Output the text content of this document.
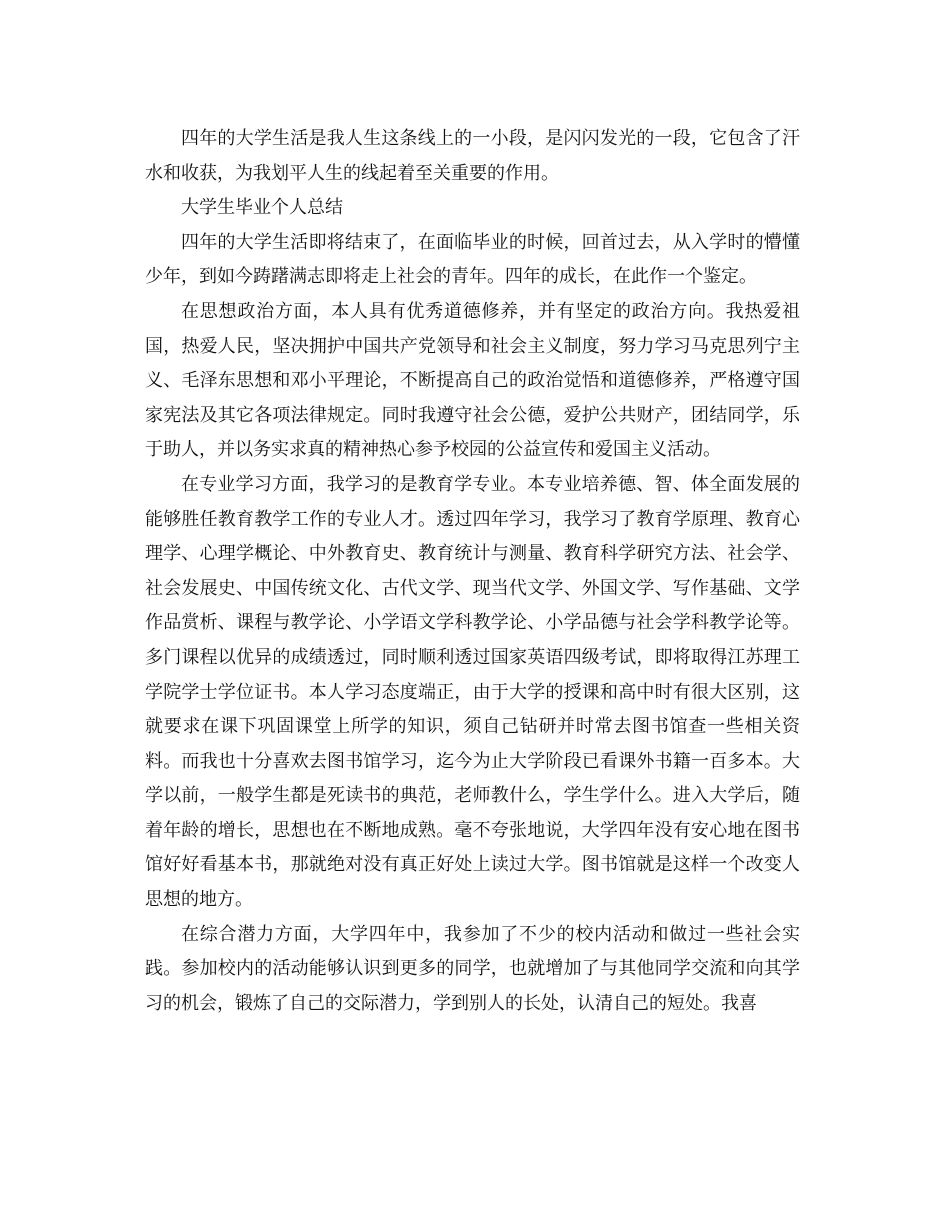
四年的大学生活是我人生这条线上的一小段，是闪闪发光的一段，它包含了汗水和收获，为我划平人生的线起着至关重要的作用。

大学生毕业个人总结

四年的大学生活即将结束了，在面临毕业的时候，回首过去，从入学时的懵懂少年，到如今踌躇满志即将走上社会的青年。四年的成长，在此作一个鉴定。

在思想政治方面，本人具有优秀道德修养，并有坚定的政治方向。我热爱祖国，热爱人民，坚决拥护中国共产党领导和社会主义制度，努力学习马克思列宁主义、毛泽东思想和邓小平理论，不断提高自己的政治觉悟和道德修养，严格遵守国家宪法及其它各项法律规定。同时我遵守社会公德，爱护公共财产，团结同学，乐于助人，并以务实求真的精神热心参予校园的公益宣传和爱国主义活动。

在专业学习方面，我学习的是教育学专业。本专业培养德、智、体全面发展的能够胜任教育教学工作的专业人才。透过四年学习，我学习了教育学原理、教育心理学、心理学概论、中外教育史、教育统计与测量、教育科学研究方法、社会学、社会发展史、中国传统文化、古代文学、现当代文学、外国文学、写作基础、文学作品赏析、课程与教学论、小学语文学科教学论、小学品德与社会学科教学论等。多门课程以优异的成绩透过，同时顺利透过国家英语四级考试，即将取得江苏理工学院学士学位证书。本人学习态度端正，由于大学的授课和高中时有很大区别，这就要求在课下巩固课堂上所学的知识，须自己钻研并时常去图书馆查一些相关资料。而我也十分喜欢去图书馆学习，迄今为止大学阶段已看课外书籍一百多本。大学以前，一般学生都是死读书的典范，老师教什么，学生学什么。进入大学后，随着年龄的增长，思想也在不断地成熟。毫不夸张地说，大学四年没有安心地在图书馆好好看基本书，那就绝对没有真正好处上读过大学。图书馆就是这样一个改变人思想的地方。

在综合潜力方面，大学四年中，我参加了不少的校内活动和做过一些社会实践。参加校内的活动能够认识到更多的同学，也就增加了与其他同学交流和向其学习的机会，锻炼了自己的交际潜力，学到别人的长处，认清自己的短处。我喜
